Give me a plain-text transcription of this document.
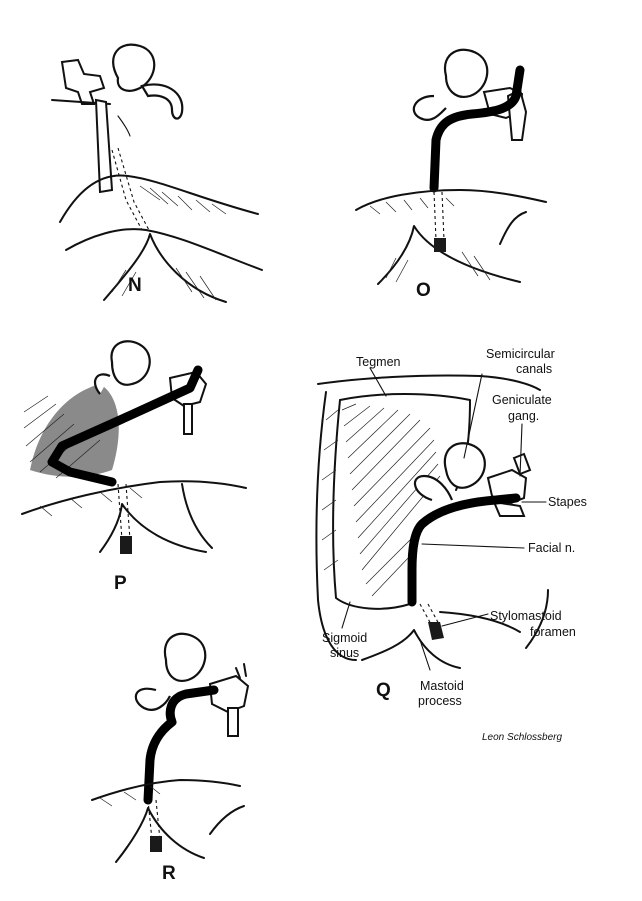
N	O
P
Tegmen
Semicircular
canals
Geniculate
gang.
Stapes
Facial n.
Stylomastoid
foramen
Sigmoid
sinus
Mastoid
process
Q
Leon Schlossberg
R
